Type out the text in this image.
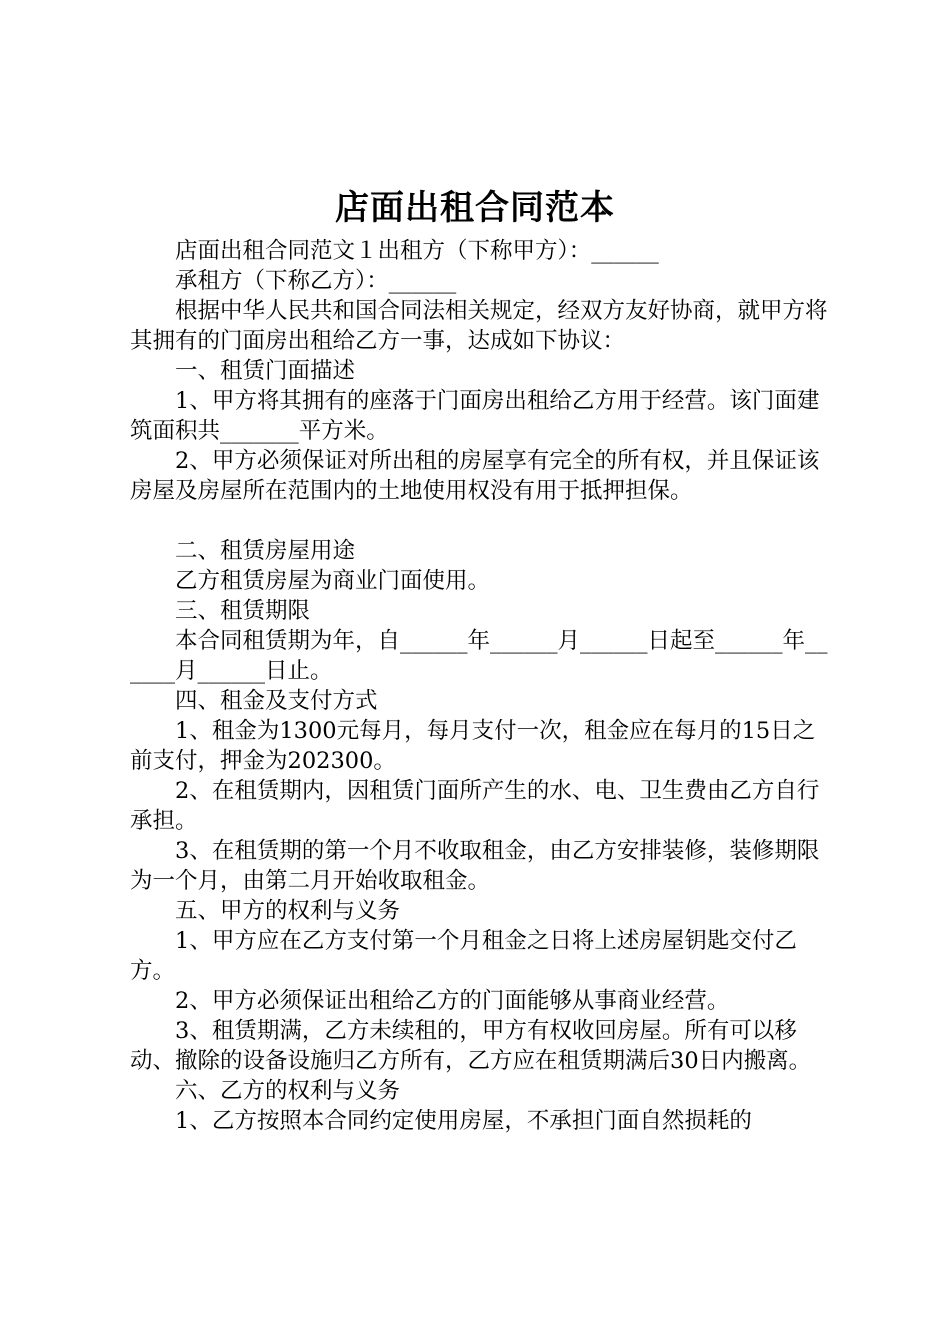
店面出租合同范本

店面出租合同范文１出租方（下称甲方）：______

承租方（下称乙方）：______

根据中华人民共和国合同法相关规定，经双方友好协商，就甲方将其拥有的门面房出租给乙方一事，达成如下协议：

一、租赁门面描述

1、甲方将其拥有的座落于门面房出租给乙方用于经营。该门面建筑面积共_______平方米。

2、甲方必须保证对所出租的房屋享有完全的所有权，并且保证该房屋及房屋所在范围内的土地使用权没有用于抵押担保。

二、租赁房屋用途

乙方租赁房屋为商业门面使用。

三、租赁期限

本合同租赁期为年，自______年______月______日起至______年______月______日止。

四、租金及支付方式

1、租金为1300元每月，每月支付一次，租金应在每月的15日之前支付，押金为202300。

2、在租赁期内，因租赁门面所产生的水、电、卫生费由乙方自行承担。

3、在租赁期的第一个月不收取租金，由乙方安排装修，装修期限为一个月，由第二月开始收取租金。

五、甲方的权利与义务

1、甲方应在乙方支付第一个月租金之日将上述房屋钥匙交付乙方。

2、甲方必须保证出租给乙方的门面能够从事商业经营。

3、租赁期满，乙方未续租的，甲方有权收回房屋。所有可以移动、撤除的设备设施归乙方所有，乙方应在租赁期满后30日内搬离。

六、乙方的权利与义务

1、乙方按照本合同约定使用房屋，不承担门面自然损耗的
